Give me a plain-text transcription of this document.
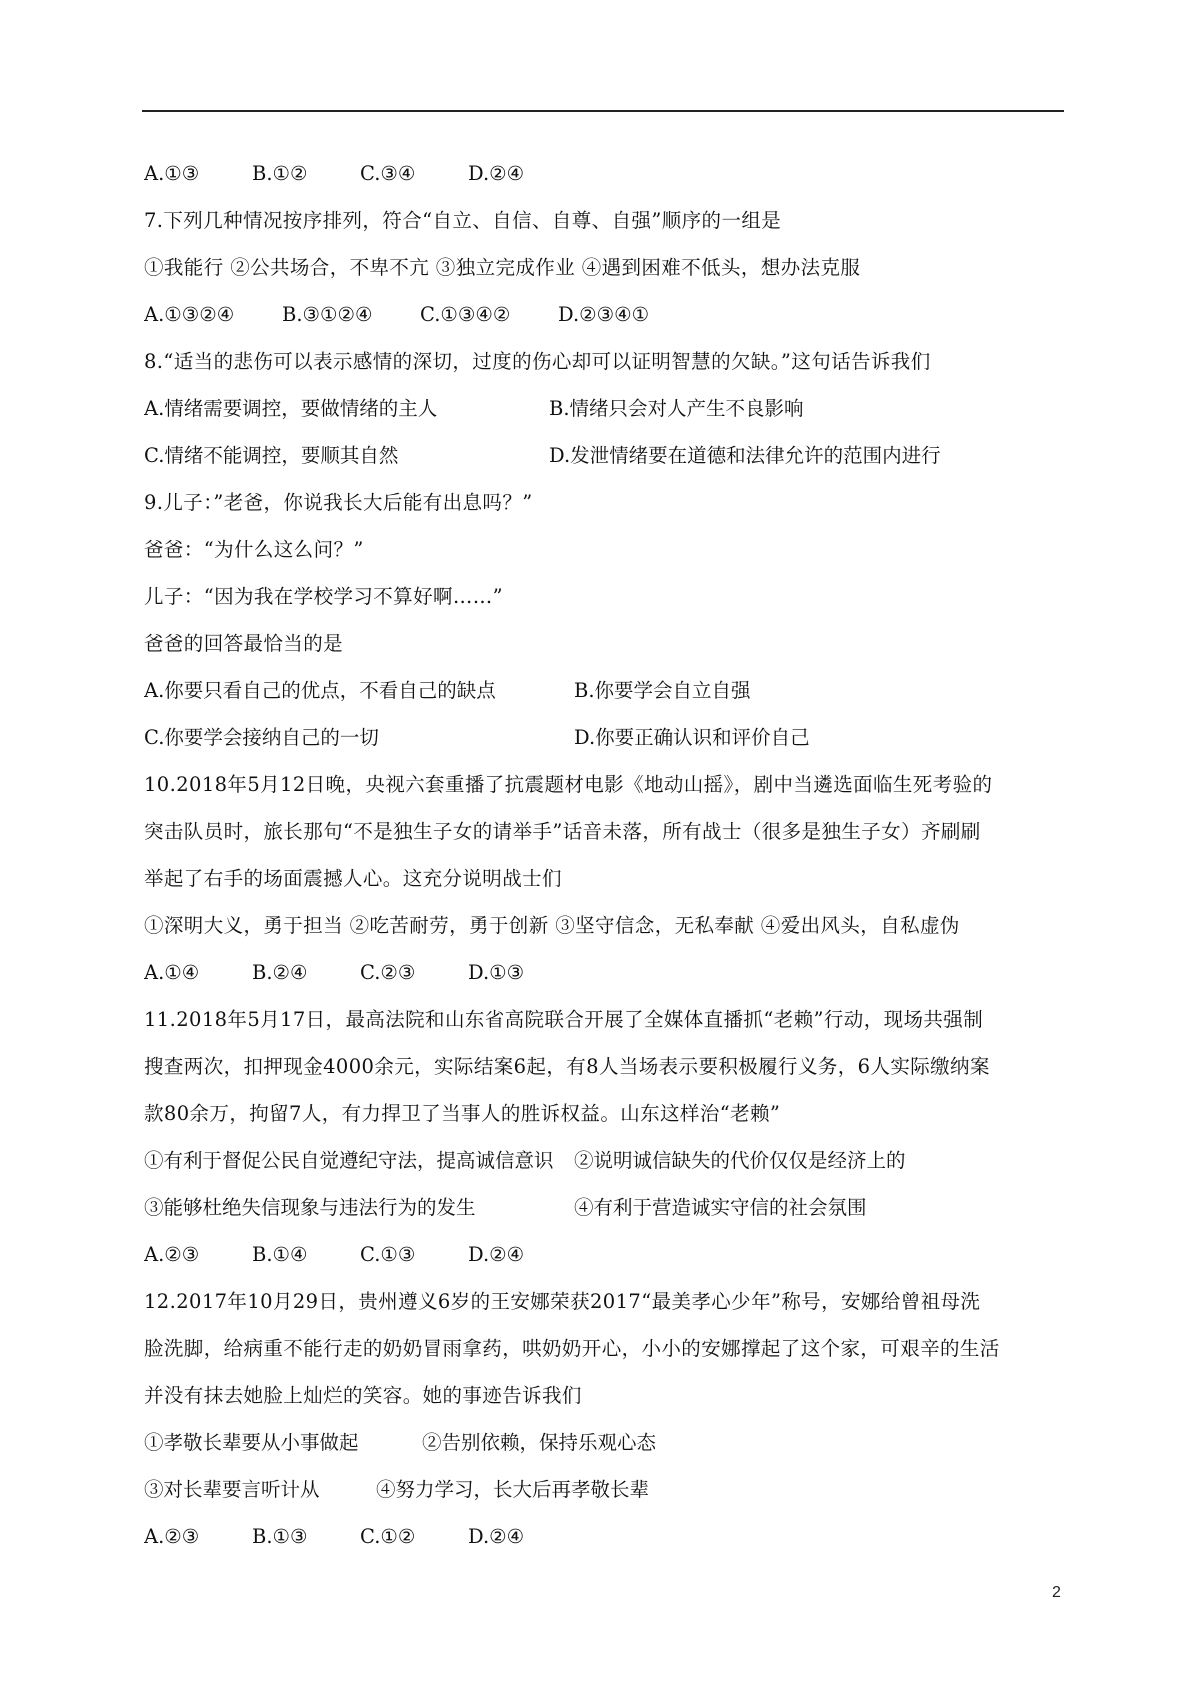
A.①③	B.①②	C.③④	D.②④
7.下列几种情况按序排列，符合“自立、自信、自尊、自强”顺序的一组是
①我能行 ②公共场合，不卑不亢 ③独立完成作业 ④遇到困难不低头，想办法克服
A.①③②④	B.③①②④	C.①③④②	D.②③④①
8.“适当的悲伤可以表示感情的深切，过度的伤心却可以证明智慧的欠缺。”这句话告诉我们
A.情绪需要调控，要做情绪的主人	B.情绪只会对人产生不良影响
C.情绪不能调控，要顺其自然	D.发泄情绪要在道德和法律允许的范围内进行
9.儿子：”老爸，你说我长大后能有出息吗？”
爸爸：“为什么这么问？”
儿子：“因为我在学校学习不算好啊……”
爸爸的回答最恰当的是
A.你要只看自己的优点，不看自己的缺点	B.你要学会自立自强
C.你要学会接纳自己的一切	D.你要正确认识和评价自己
10.2018年5月12日晚，央视六套重播了抗震题材电影《地动山摇》，剧中当遴选面临生死考验的
突击队员时，旅长那句“不是独生子女的请举手”话音未落，所有战士（很多是独生子女）齐刷刷
举起了右手的场面震撼人心。这充分说明战士们
①深明大义，勇于担当 ②吃苦耐劳，勇于创新 ③坚守信念，无私奉献 ④爱出风头，自私虚伪
A.①④	B.②④	C.②③	D.①③
11.2018年5月17日，最高法院和山东省高院联合开展了全媒体直播抓“老赖”行动，现场共强制
搜查两次，扣押现金4000余元，实际结案6起，有8人当场表示要积极履行义务，6人实际缴纳案
款80余万，拘留7人，有力捍卫了当事人的胜诉权益。山东这样治“老赖”
①有利于督促公民自觉遵纪守法，提高诚信意识	②说明诚信缺失的代价仅仅是经济上的
③能够杜绝失信现象与违法行为的发生	④有利于营造诚实守信的社会氛围
A.②③	B.①④	C.①③	D.②④
12.2017年10月29日，贵州遵义6岁的王安娜荣获2017“最美孝心少年”称号，安娜给曾祖母洗
脸洗脚，给病重不能行走的奶奶冒雨拿药，哄奶奶开心，小小的安娜撑起了这个家，可艰辛的生活
并没有抹去她脸上灿烂的笑容。她的事迹告诉我们
①孝敬长辈要从小事做起	②告别依赖，保持乐观心态
③对长辈要言听计从	④努力学习，长大后再孝敬长辈
A.②③	B.①③	C.①②	D.②④
2
